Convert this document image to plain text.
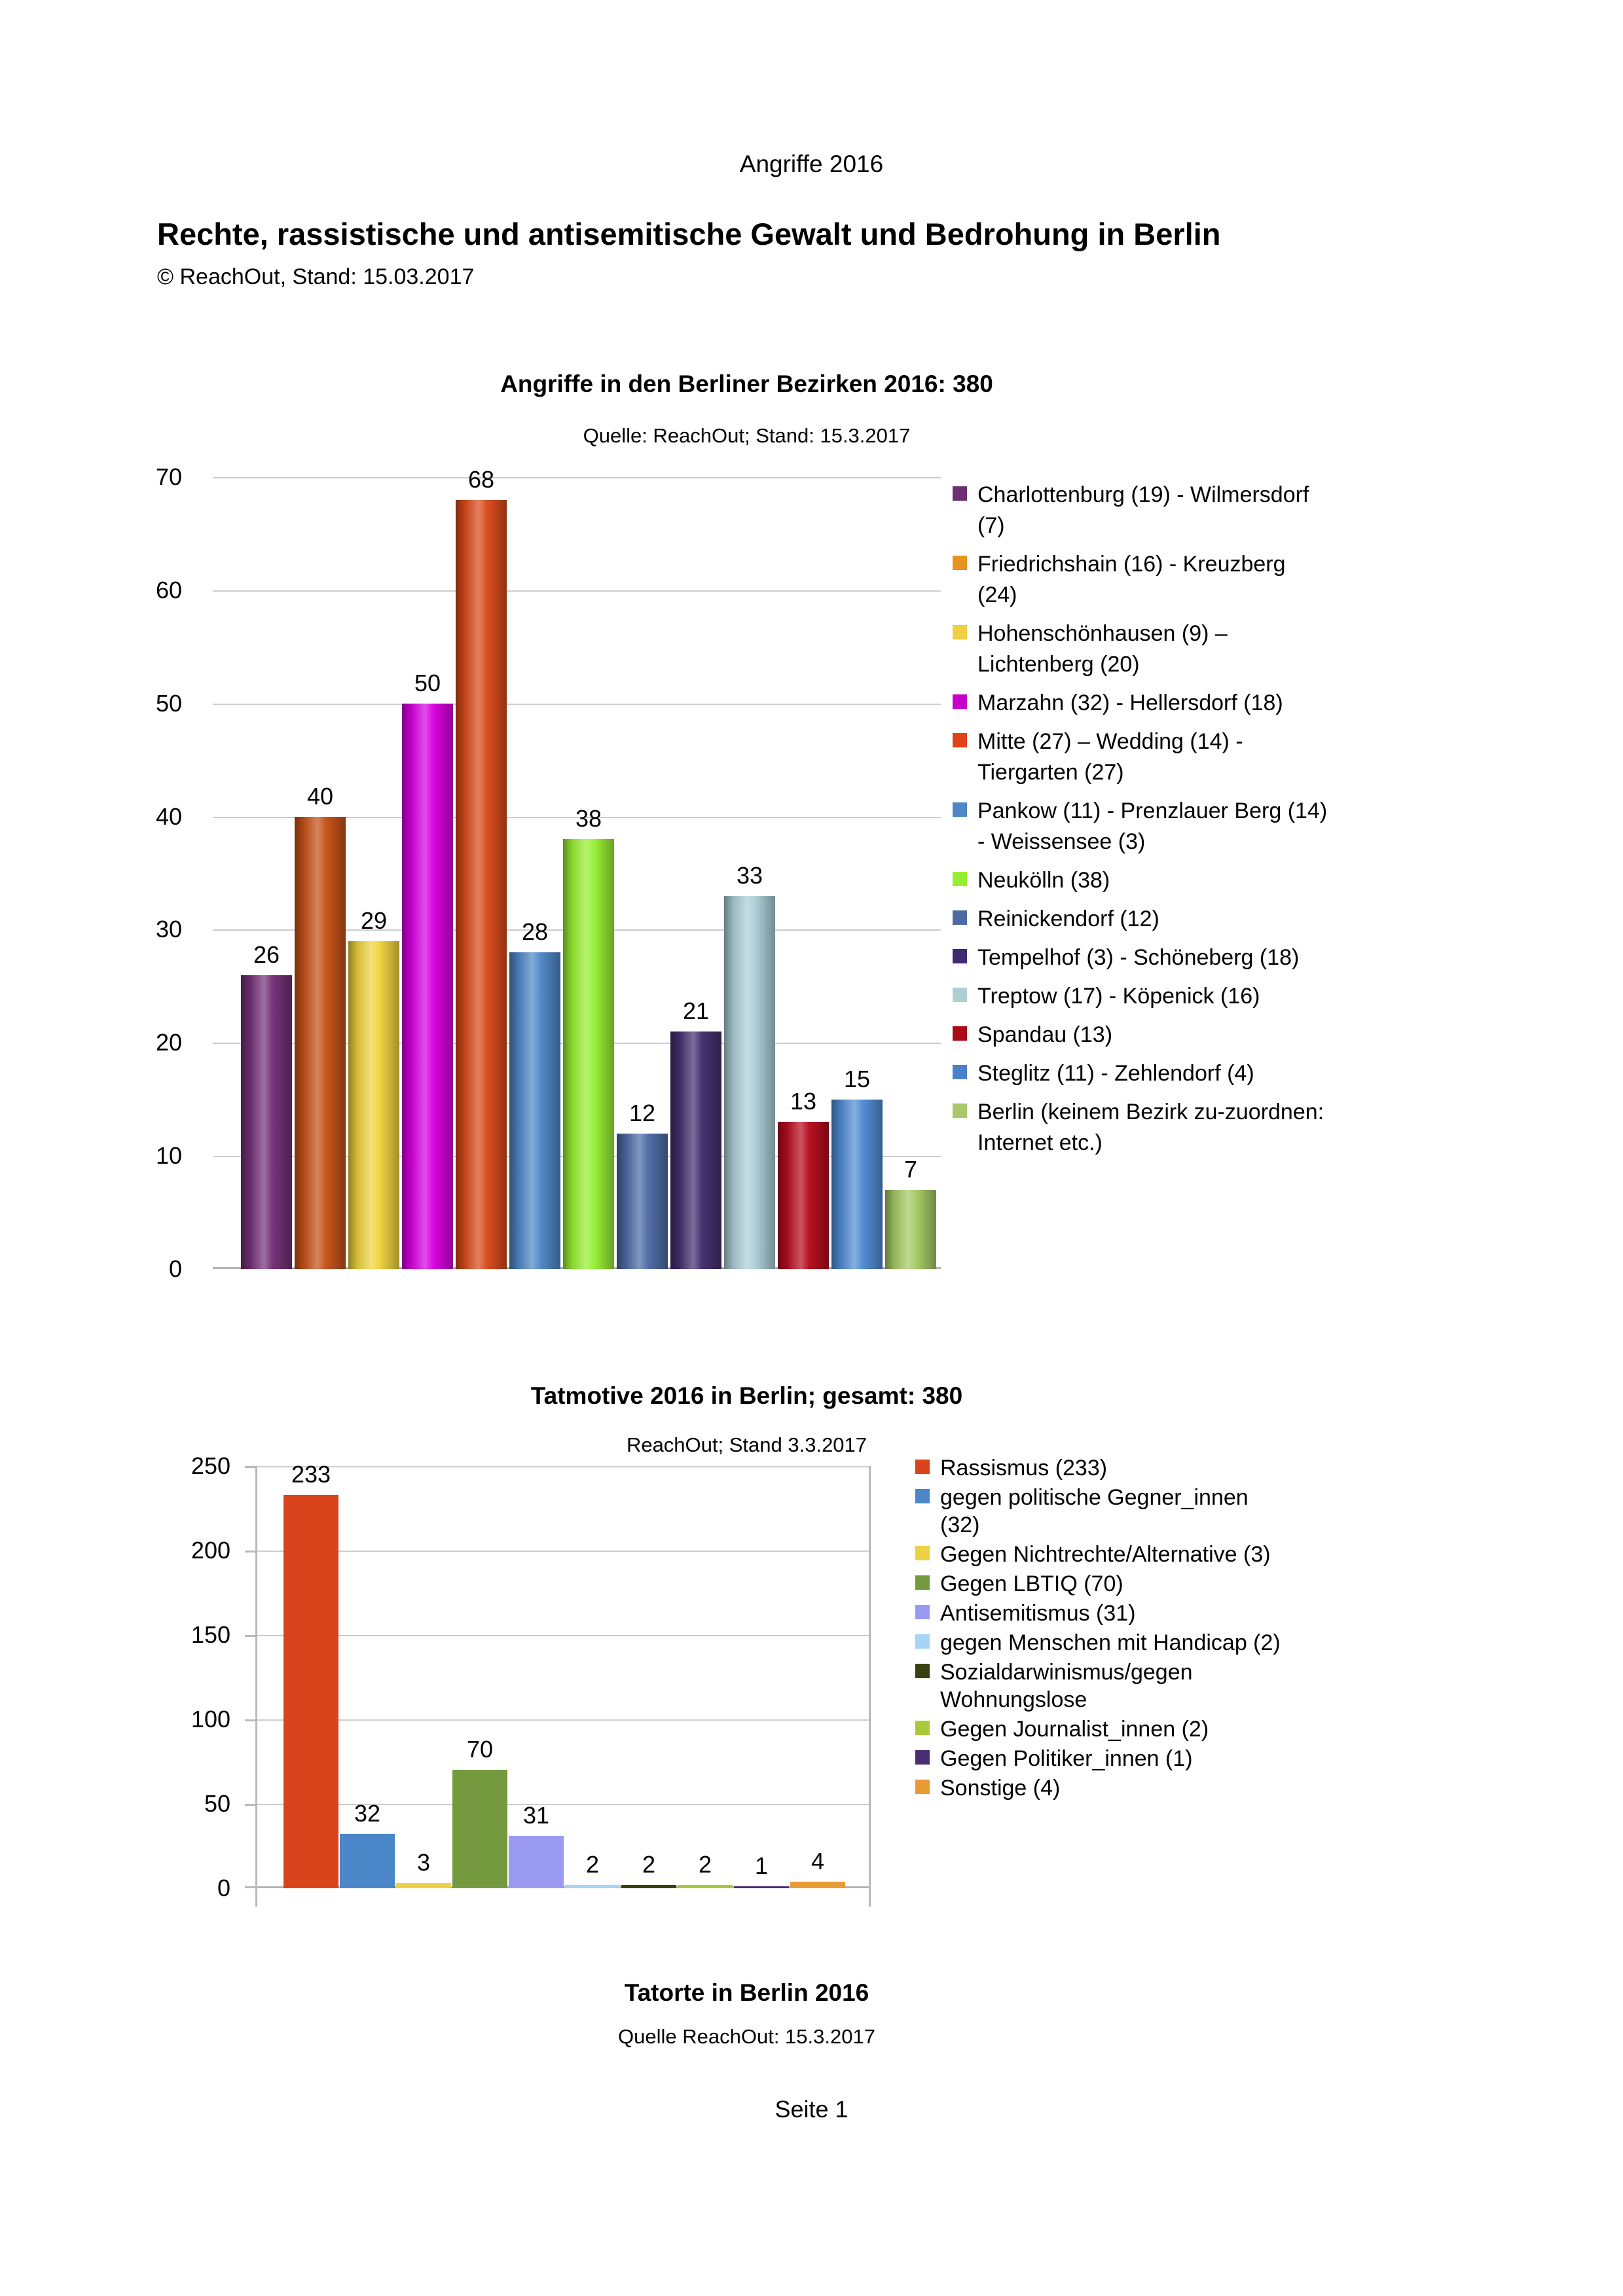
Angriffe 2016
Rechte, rassistische und antisemitische Gewalt und Bedrohung in Berlin
© ReachOut, Stand: 15.03.2017
Angriffe in den Berliner Bezirken 2016: 380
Quelle: ReachOut; Stand: 15.3.2017
0
10
20
30
40
50
60
70
26
40
29
50
68
28
38
12
21
33
13
15
7
Charlottenburg (19) - Wilmersdorf (7)
Friedrichshain (16) - Kreuzberg (24)
Hohenschönhausen (9) – Lichtenberg (20)
Marzahn (32) - Hellersdorf (18)
Mitte (27) – Wedding (14) - Tiergarten (27)
Pankow (11) - Prenzlauer Berg (14) - Weissensee (3)
Neukölln (38)
Reinickendorf (12)
Tempelhof (3) - Schöneberg (18)
Treptow (17) - Köpenick (16)
Spandau (13)
Steglitz (11) - Zehlendorf (4)
Berlin (keinem Bezirk zu-zuordnen: Internet etc.)
Tatmotive 2016 in Berlin; gesamt: 380
ReachOut; Stand 3.3.2017
0
50
100
150
200
250	233
32
3
70
31
2 2 2 1 4
Rassismus (233)
gegen politische Gegner_innen (32)
Gegen Nichtrechte/Alternative (3)
Gegen LBTIQ (70)
Antisemitismus (31)
gegen Menschen mit Handicap (2)
Sozialdarwinismus/gegen Wohnungslose
Gegen Journalist_innen (2)
Gegen Politiker_innen (1)
Sonstige (4)
Tatorte in Berlin 2016
Quelle ReachOut: 15.3.2017
Seite 1
